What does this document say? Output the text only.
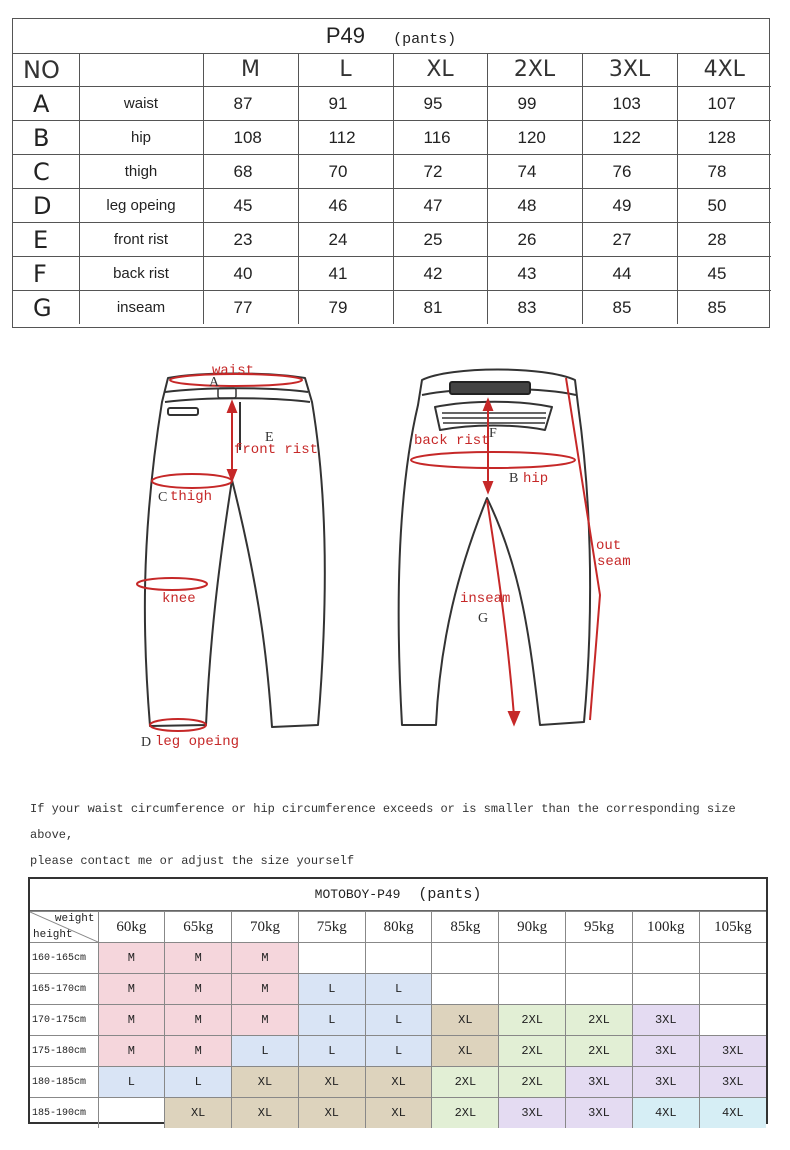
P49 (pants)
NO		M	L	XL	2XL	3XL	4XL
A	waist	87	91	95	99	103	107
B	hip	108	112	116	120	122	128
C	thigh	68	70	72	74	76	78
D	leg opeing	45	46	47	48	49	50
E	front rist	23	24	25	26	27	28
F	back rist	40	41	42	43	44	45
G	inseam	77	79	81	83	85	85
waist
A
E
front rist
C thigh
knee
D leg opeing
back rist F
B hip
out
seam
inseam
G
If your waist circumference or hip circumference exceeds or is smaller than the corresponding size above,
please contact me or adjust the size yourself
MOTOBOY-P49 (pants)
weight
height	60kg	65kg	70kg	75kg	80kg	85kg	90kg	95kg	100kg	105kg
160-165cm	M	M	M							
165-170cm	M	M	M	L	L					
170-175cm	M	M	M	L	L	XL	2XL	2XL	3XL	
175-180cm	M	M	L	L	L	XL	2XL	2XL	3XL	3XL
180-185cm	L	L	XL	XL	XL	2XL	2XL	3XL	3XL	3XL
185-190cm		XL	XL	XL	XL	2XL	3XL	3XL	4XL	4XL
